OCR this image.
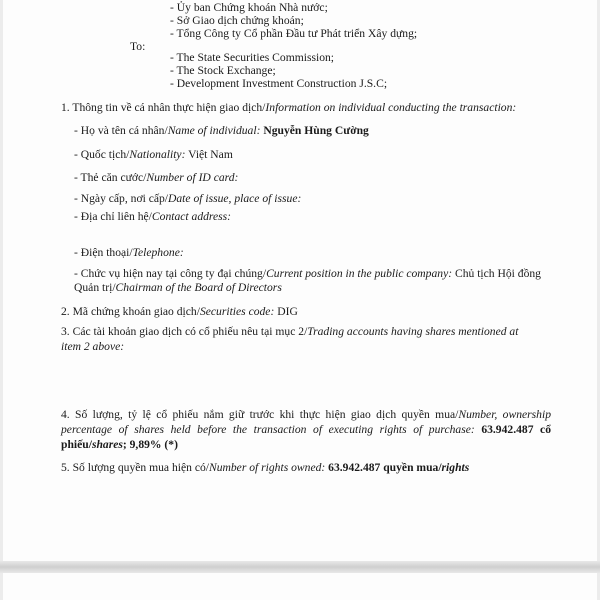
- Ủy ban Chứng khoán Nhà nước;
- Sở Giao dịch chứng khoán;
- Tổng Công ty Cổ phần Đầu tư Phát triển Xây dựng;
To:
- The State Securities Commission;
- The Stock Exchange;
- Development Investment Construction J.S.C;
1. Thông tin về cá nhân thực hiện giao dịch/Information on individual conducting the transaction:
- Họ và tên cá nhân/Name of individual: Nguyễn Hùng Cường
- Quốc tịch/Nationality: Việt Nam
- Thẻ căn cước/Number of ID card:
- Ngày cấp, nơi cấp/Date of issue, place of issue:
- Địa chỉ liên hệ/Contact address:
- Điện thoại/Telephone:
- Chức vụ hiện nay tại công ty đại chúng/Current position in the public company: Chủ tịch Hội đồng
Quản trị/Chairman of the Board of Directors
2. Mã chứng khoán giao dịch/Securities code: DIG
3. Các tài khoản giao dịch có cổ phiếu nêu tại mục 2/Trading accounts having shares mentioned at
item 2 above:
4. Số lượng, tỷ lệ cổ phiếu nắm giữ trước khi thực hiện giao dịch quyền mua/Number, ownership percentage of shares held before the transaction of executing rights of purchase: 63.942.487 cổ phiếu/shares; 9,89% (*)
5. Số lượng quyền mua hiện có/Number of rights owned: 63.942.487 quyền mua/rights
